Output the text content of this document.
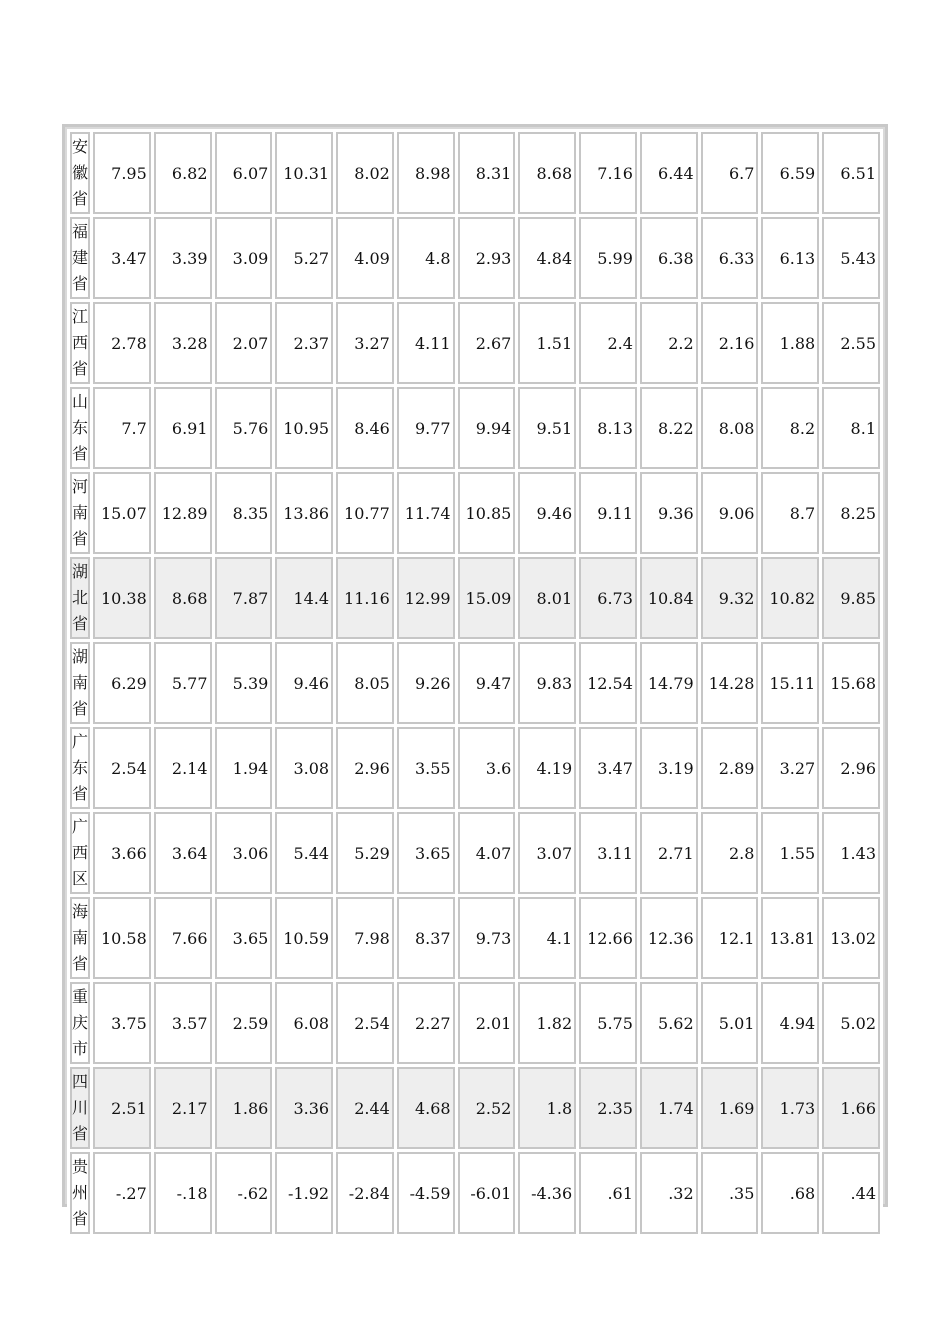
安徽省	7.95	6.82	6.07	10.31	8.02	8.98	8.31	8.68	7.16	6.44	6.7	6.59	6.51
福建省	3.47	3.39	3.09	5.27	4.09	4.8	2.93	4.84	5.99	6.38	6.33	6.13	5.43
江西省	2.78	3.28	2.07	2.37	3.27	4.11	2.67	1.51	2.4	2.2	2.16	1.88	2.55
山东省	7.7	6.91	5.76	10.95	8.46	9.77	9.94	9.51	8.13	8.22	8.08	8.2	8.1
河南省	15.07	12.89	8.35	13.86	10.77	11.74	10.85	9.46	9.11	9.36	9.06	8.7	8.25
湖北省	10.38	8.68	7.87	14.4	11.16	12.99	15.09	8.01	6.73	10.84	9.32	10.82	9.85
湖南省	6.29	5.77	5.39	9.46	8.05	9.26	9.47	9.83	12.54	14.79	14.28	15.11	15.68
广东省	2.54	2.14	1.94	3.08	2.96	3.55	3.6	4.19	3.47	3.19	2.89	3.27	2.96
广西区	3.66	3.64	3.06	5.44	5.29	3.65	4.07	3.07	3.11	2.71	2.8	1.55	1.43
海南省	10.58	7.66	3.65	10.59	7.98	8.37	9.73	4.1	12.66	12.36	12.1	13.81	13.02
重庆市	3.75	3.57	2.59	6.08	2.54	2.27	2.01	1.82	5.75	5.62	5.01	4.94	5.02
四川省	2.51	2.17	1.86	3.36	2.44	4.68	2.52	1.8	2.35	1.74	1.69	1.73	1.66
贵州省	-.27	-.18	-.62	-1.92	-2.84	-4.59	-6.01	-4.36	.61	.32	.35	.68	.44
